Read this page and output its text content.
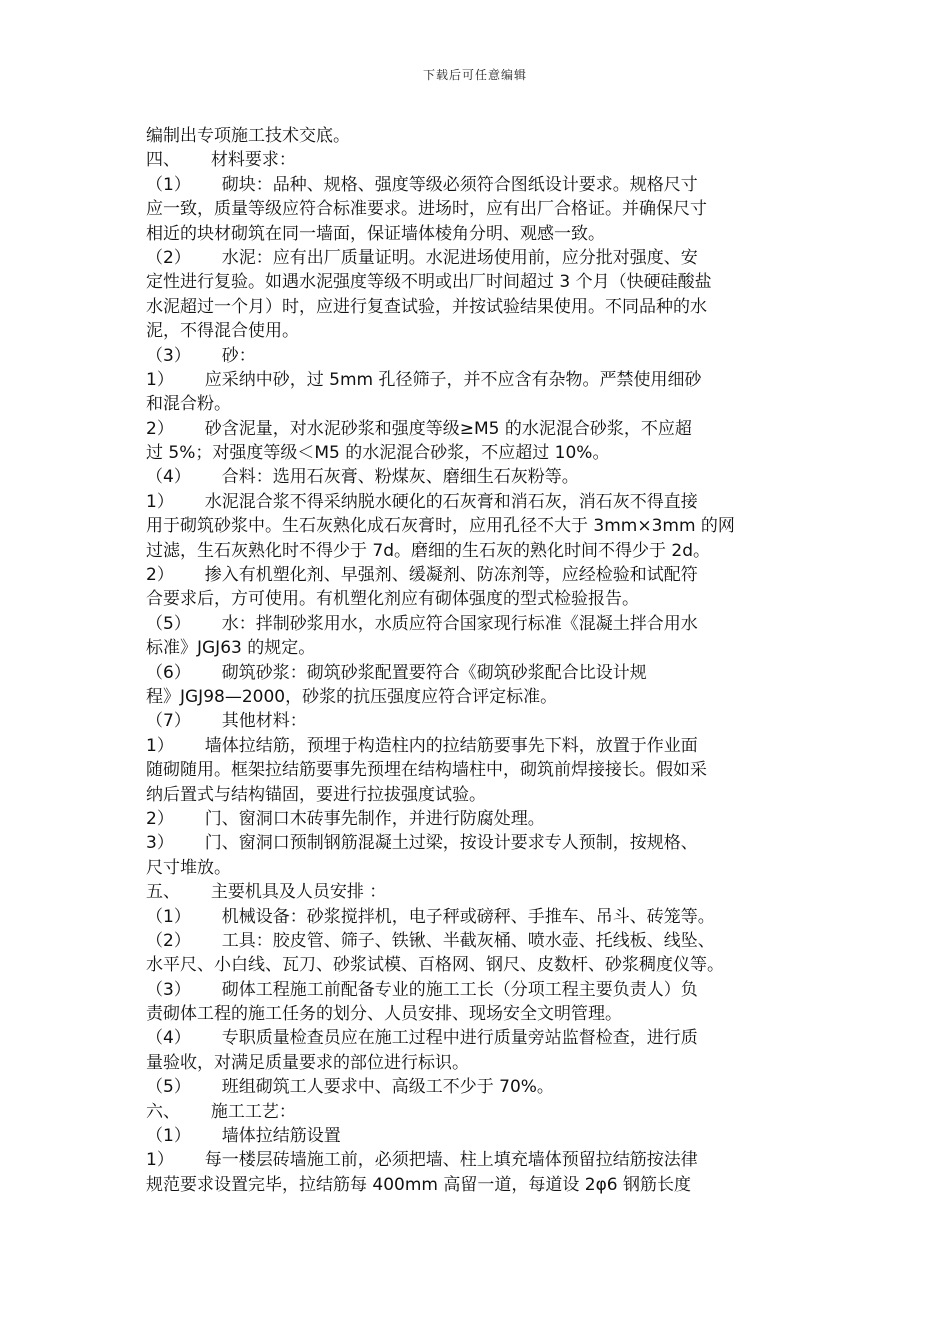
下载后可任意编辑
编制出专项施工技术交底。
四、　　 材料要求：
（1）　　 砌块：品种、规格、强度等级必须符合图纸设计要求。规格尺寸
应一致，质量等级应符合标准要求。进场时，应有出厂合格证。并确保尺寸
相近的块材砌筑在同一墙面，保证墙体棱角分明、观感一致。
（2）　　 水泥：应有出厂质量证明。水泥进场使用前，应分批对强度、安
定性进行复验。如遇水泥强度等级不明或出厂时间超过 3 个月（快硬硅酸盐
水泥超过一个月）时，应进行复查试验，并按试验结果使用。不同品种的水
泥，不得混合使用。
（3）　　 砂：
1）　　 应采纳中砂，过 5mm 孔径筛子，并不应含有杂物。严禁使用细砂
和混合粉。
2）　　 砂含泥量，对水泥砂浆和强度等级≥M5 的水泥混合砂浆，不应超
过 5%；对强度等级＜M5 的水泥混合砂浆，不应超过 10%。
（4）　　 合料：选用石灰膏、粉煤灰、磨细生石灰粉等。
1）　　 水泥混合浆不得采纳脱水硬化的石灰膏和消石灰，消石灰不得直接
用于砌筑砂浆中。生石灰熟化成石灰膏时，应用孔径不大于 3mm×3mm 的网
过滤，生石灰熟化时不得少于 7d。磨细的生石灰的熟化时间不得少于 2d。
2）　　 掺入有机塑化剂、早强剂、缓凝剂、防冻剂等，应经检验和试配符
合要求后，方可使用。有机塑化剂应有砌体强度的型式检验报告。
（5）　　 水：拌制砂浆用水，水质应符合国家现行标准《混凝土拌合用水
标准》JGJ63 的规定。
（6）　　 砌筑砂浆：砌筑砂浆配置要符合《砌筑砂浆配合比设计规
程》JGJ98—2000，砂浆的抗压强度应符合评定标准。
（7）　　 其他材料：
1）　　 墙体拉结筋，预埋于构造柱内的拉结筋要事先下料，放置于作业面
随砌随用。框架拉结筋要事先预埋在结构墙柱中，砌筑前焊接接长。假如采
纳后置式与结构锚固，要进行拉拔强度试验。
2）　　 门、窗洞口木砖事先制作，并进行防腐处理。
3）　　 门、窗洞口预制钢筋混凝土过梁，按设计要求专人预制，按规格、
尺寸堆放。
五、　　 主要机具及人员安排 ：
（1）　　 机械设备：砂浆搅拌机，电子秤或磅秤、手推车、吊斗、砖笼等。
（2）　　 工具：胶皮管、筛子、铁锹、半截灰桶、喷水壶、托线板、线坠、
水平尺、小白线、瓦刀、砂浆试模、百格网、钢尺、皮数杆、砂浆稠度仪等。
（3）　　 砌体工程施工前配备专业的施工工长（分项工程主要负责人）负
责砌体工程的施工任务的划分、人员安排、现场安全文明管理。
（4）　　 专职质量检查员应在施工过程中进行质量旁站监督检查，进行质
量验收，对满足质量要求的部位进行标识。
（5）　　 班组砌筑工人要求中、高级工不少于 70%。
六、　　 施工工艺：
（1）　　 墙体拉结筋设置
1）　　 每一楼层砖墙施工前，必须把墙、柱上填充墙体预留拉结筋按法律
规范要求设置完毕，拉结筋每 400mm 高留一道，每道设 2φ6 钢筋长度
